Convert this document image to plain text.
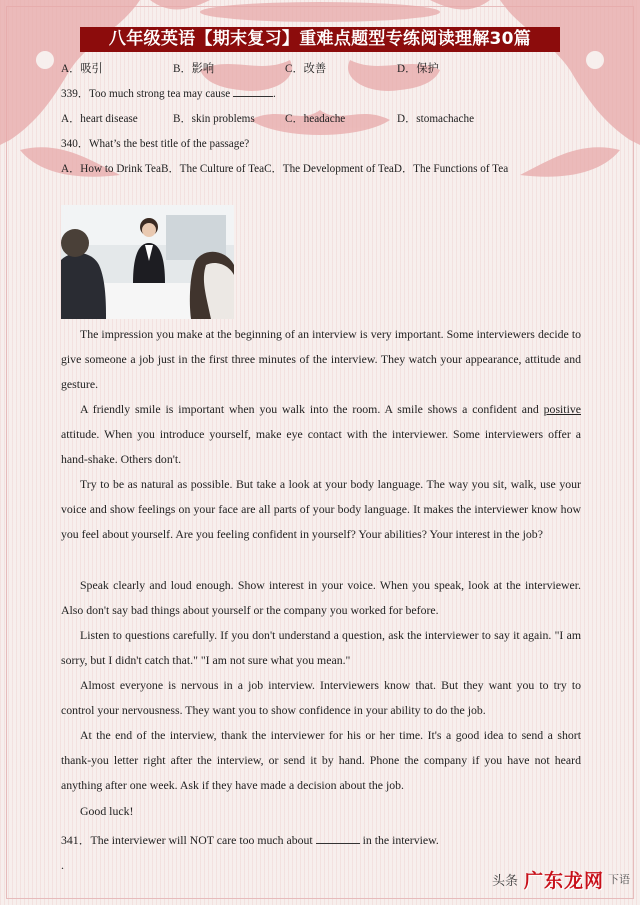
八年级英语【期末复习】重难点题型专练阅读理解30篇
A．吸引	B．影响	C．改善	D．保护
339．Too much strong tea may cause	.
A．heart disease	B．skin problems	C．headache	D．stomachache
340．What’s the best title of the passage?
A．How to Drink TeaB．The Culture of TeaC．The Development of TeaD．The Functions of Tea

The impression you make at the beginning of an interview is very important. Some interviewers decide to give someone a job just in the first three minutes of the interview. They watch your appearance, attitude and gesture.

A friendly smile is important when you walk into the room. A smile shows a confident and positive attitude. When you introduce yourself, make eye contact with the interviewer. Some interviewers offer a hand-shake. Others don't.

Try to be as natural as possible. But take a look at your body language. The way you sit, walk, use your voice and show feelings on your face are all parts of your body language. It makes the interviewer know how you feel about yourself. Are you feeling confident in yourself? Your abilities? Your interest in the job?

Speak clearly and loud enough. Show interest in your voice. When you speak, look at the interviewer. Also don't say bad things about yourself or the company you worked for before.

Listen to questions carefully. If you don't understand a question, ask the interviewer to say it again. "I am sorry, but I didn't catch that." "I am not sure what you mean."

Almost everyone is nervous in a job interview. Interviewers know that. But they want you to try to control your nervousness. They want you to show confidence in your ability to do the job.

At the end of the interview, thank the interviewer for his or her time. It's a good idea to send a short thank-you letter right after the interview, or send it by hand. Phone the company if you have not heard anything after one week. Ask if they have made a decision about the job.

Good luck!

341．The interviewer will NOT care too much about	in the interview.
.
头条 广东龙网 下语
